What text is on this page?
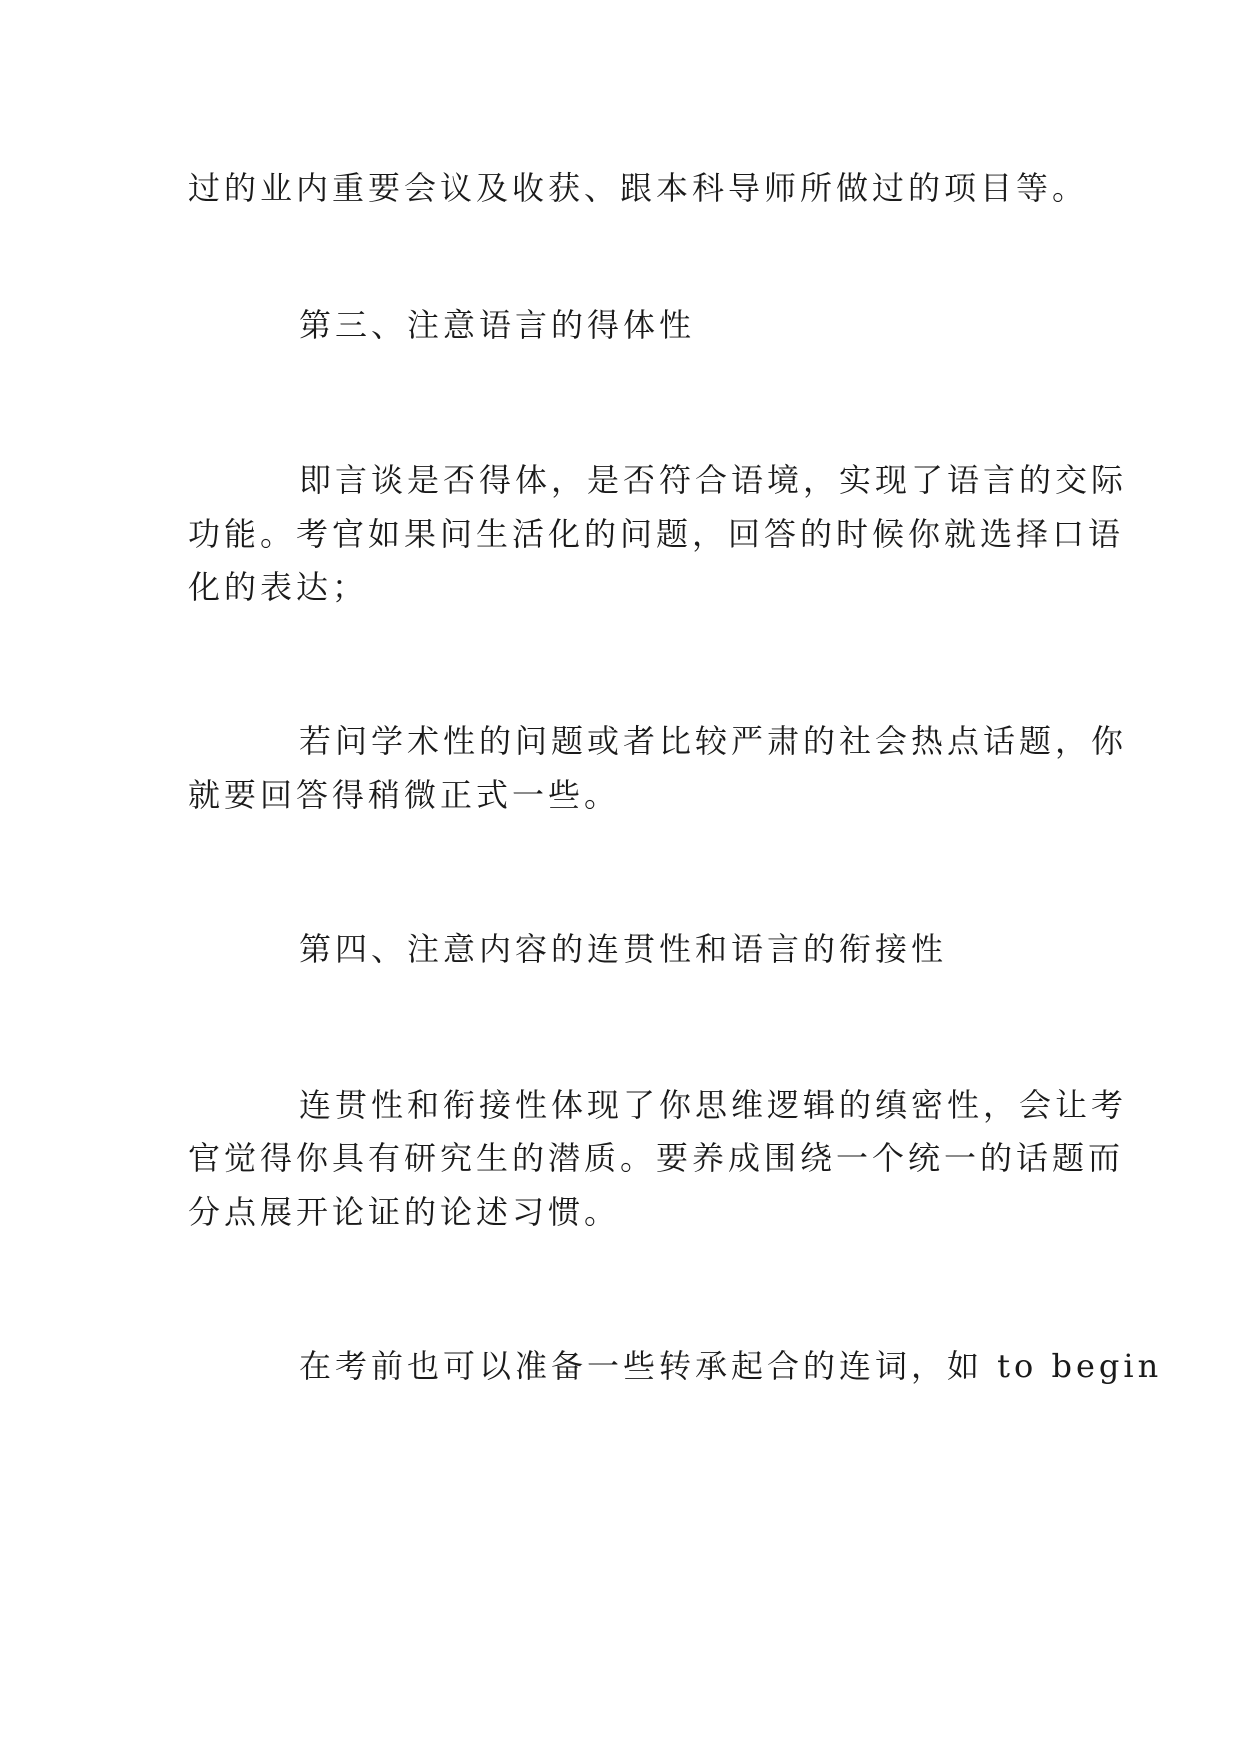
过的业内重要会议及收获、跟本科导师所做过的项目等。

第三、注意语言的得体性

即言谈是否得体，是否符合语境，实现了语言的交际

功能。考官如果问生活化的问题，回答的时候你就选择口语

化的表达；

若问学术性的问题或者比较严肃的社会热点话题，你

就要回答得稍微正式一些。

第四、注意内容的连贯性和语言的衔接性

连贯性和衔接性体现了你思维逻辑的缜密性，会让考

官觉得你具有研究生的潜质。要养成围绕一个统一的话题而

分点展开论证的论述习惯。

在考前也可以准备一些转承起合的连词，如 to begin
